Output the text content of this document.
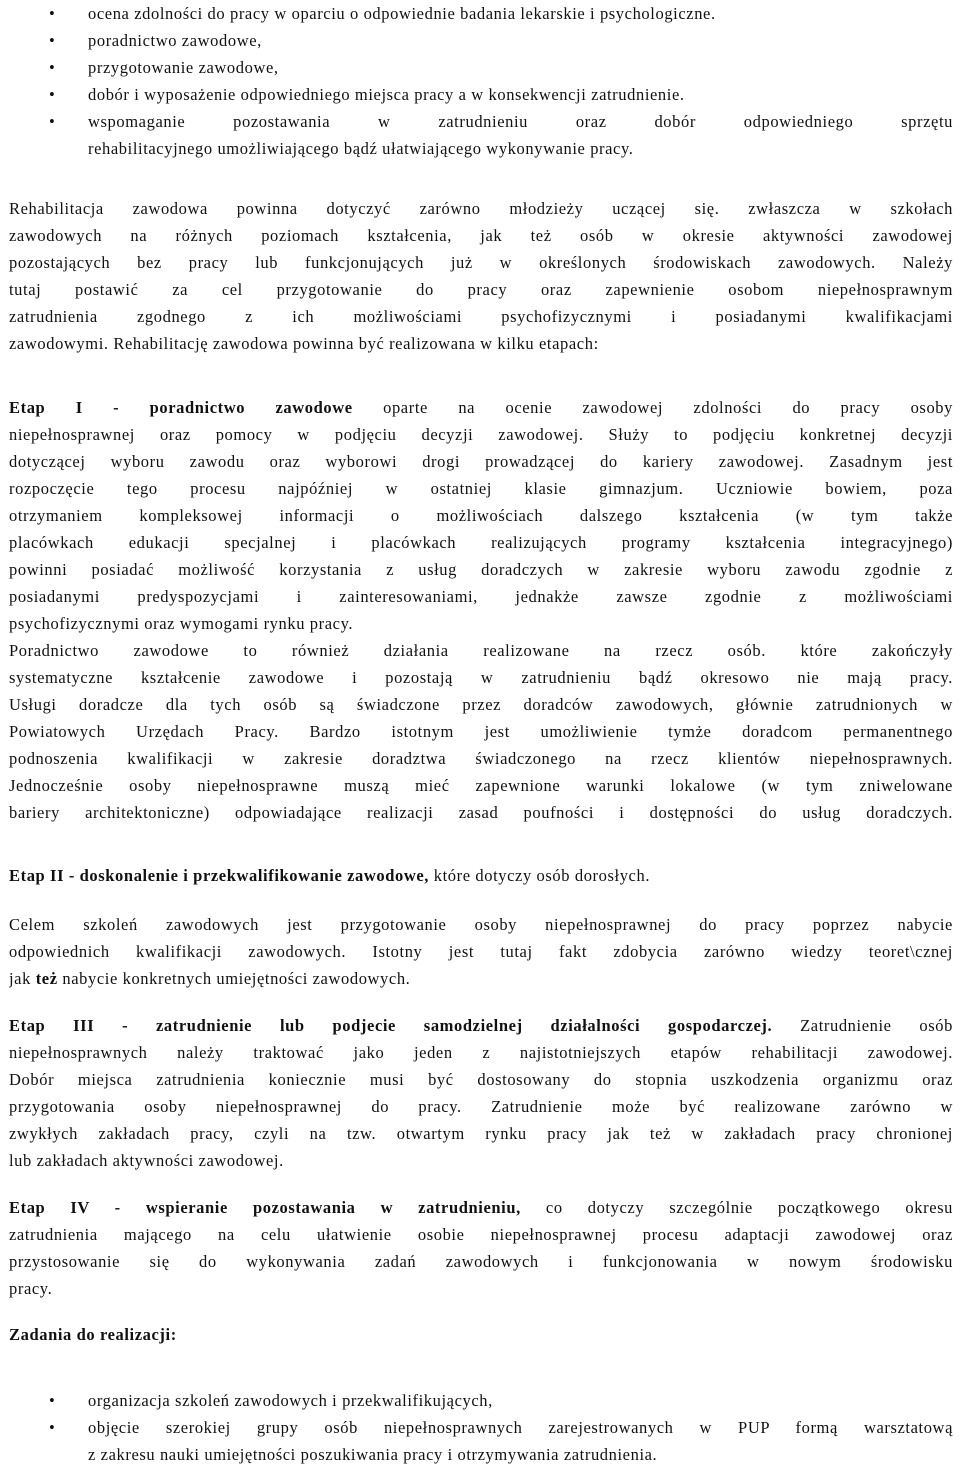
• ocena zdolności do pracy w oparciu o odpowiednie badania lekarskie i psychologiczne.
• poradnictwo zawodowe,
• przygotowanie zawodowe,
• dobór i wyposażenie odpowiedniego miejsca pracy a w konsekwencji zatrudnienie.
• wspomaganie pozostawania w zatrudnieniu oraz dobór odpowiedniego sprzętu
rehabilitacyjnego umożliwiającego bądź ułatwiającego wykonywanie pracy.
Rehabilitacja zawodowa powinna dotyczyć zarówno młodzieży uczącej się. zwłaszcza w szkołach
zawodowych na różnych poziomach kształcenia, jak też osób w okresie aktywności zawodowej
pozostających bez pracy lub funkcjonujących już w określonych środowiskach zawodowych. Należy
tutaj postawić za cel przygotowanie do pracy oraz zapewnienie osobom niepełnosprawnym
zatrudnienia zgodnego z ich możliwościami psychofizycznymi i posiadanymi kwalifikacjami
zawodowymi. Rehabilitację zawodowa powinna być realizowana w kilku etapach:
Etap I - poradnictwo zawodowe oparte na ocenie zawodowej zdolności do pracy osoby
niepełnosprawnej oraz pomocy w podjęciu decyzji zawodowej. Służy to podjęciu konkretnej decyzji
dotyczącej wyboru zawodu oraz wyborowi drogi prowadzącej do kariery zawodowej. Zasadnym jest
rozpoczęcie tego procesu najpóźniej w ostatniej klasie gimnazjum. Uczniowie bowiem, poza
otrzymaniem kompleksowej informacji o możliwościach dalszego kształcenia (w tym także
placówkach edukacji specjalnej i placówkach realizujących programy kształcenia integracyjnego)
powinni posiadać możliwość korzystania z usług doradczych w zakresie wyboru zawodu zgodnie z
posiadanymi predyspozycjami i zainteresowaniami, jednakże zawsze zgodnie z możliwościami
psychofizycznymi oraz wymogami rynku pracy.
Poradnictwo zawodowe to również działania realizowane na rzecz osób. które zakończyły
systematyczne kształcenie zawodowe i pozostają w zatrudnieniu bądź okresowo nie mają pracy.
Usługi doradcze dla tych osób są świadczone przez doradców zawodowych, głównie zatrudnionych w
Powiatowych Urzędach Pracy. Bardzo istotnym jest umożliwienie tymże doradcom permanentnego
podnoszenia kwalifikacji w zakresie doradztwa świadczonego na rzecz klientów niepełnosprawnych.
Jednocześnie osoby niepełnosprawne muszą mieć zapewnione warunki lokalowe (w tym zniwelowane
bariery architektoniczne) odpowiadające realizacji zasad poufności i dostępności do usług doradczych.
Etap II - doskonalenie i przekwalifikowanie zawodowe, które dotyczy osób dorosłych.
Celem szkoleń zawodowych jest przygotowanie osoby niepełnosprawnej do pracy poprzez nabycie
odpowiednich kwalifikacji zawodowych. Istotny jest tutaj fakt zdobycia zarówno wiedzy teoret\cznej
jak też nabycie konkretnych umiejętności zawodowych.
Etap III - zatrudnienie lub podjecie samodzielnej działalności gospodarczej. Zatrudnienie osób
niepełnosprawnych należy traktować jako jeden z najistotniejszych etapów rehabilitacji zawodowej.
Dobór miejsca zatrudnienia koniecznie musi być dostosowany do stopnia uszkodzenia organizmu oraz
przygotowania osoby niepełnosprawnej do pracy. Zatrudnienie może być realizowane zarówno w
zwykłych zakładach pracy, czyli na tzw. otwartym rynku pracy jak też w zakładach pracy chronionej
lub zakładach aktywności zawodowej.
Etap IV - wspieranie pozostawania w zatrudnieniu, co dotyczy szczególnie początkowego okresu
zatrudnienia mającego na celu ułatwienie osobie niepełnosprawnej procesu adaptacji zawodowej oraz
przystosowanie się do wykonywania zadań zawodowych i funkcjonowania w nowym środowisku
pracy.
Zadania do realizacji:
• organizacja szkoleń zawodowych i przekwalifikujących,
• objęcie szerokiej grupy osób niepełnosprawnych zarejestrowanych w PUP formą warsztatową
z zakresu nauki umiejętności poszukiwania pracy i otrzymywania zatrudnienia.
